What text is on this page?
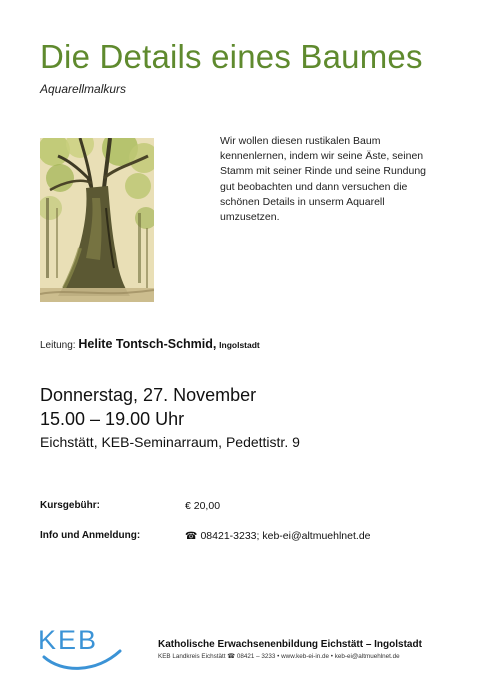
Die Details eines Baumes
Aquarellmalkurs
Wir wollen diesen rustikalen Baum kennenlernen, indem wir seine Äste, seinen Stamm mit seiner Rinde und seine Rundung gut beobachten und dann versuchen die schönen Details in unserm Aquarell umzusetzen.
Leitung: Helite Tontsch-Schmid, Ingolstadt
Donnerstag, 27. November
15.00 – 19.00 Uhr
Eichstätt, KEB-Seminarraum, Pedettistr. 9
Kursgebühr:	€ 20,00
Info und Anmeldung:	☎ 08421-3233; keb-ei@altmuehlnet.de
KEB	Katholische Erwachsenenbildung Eichstätt – Ingolstadt
KEB Landkreis Eichstätt ☎ 08421 – 3233 • www.keb-ei-in.de • keb-ei@altmuehlnet.de
